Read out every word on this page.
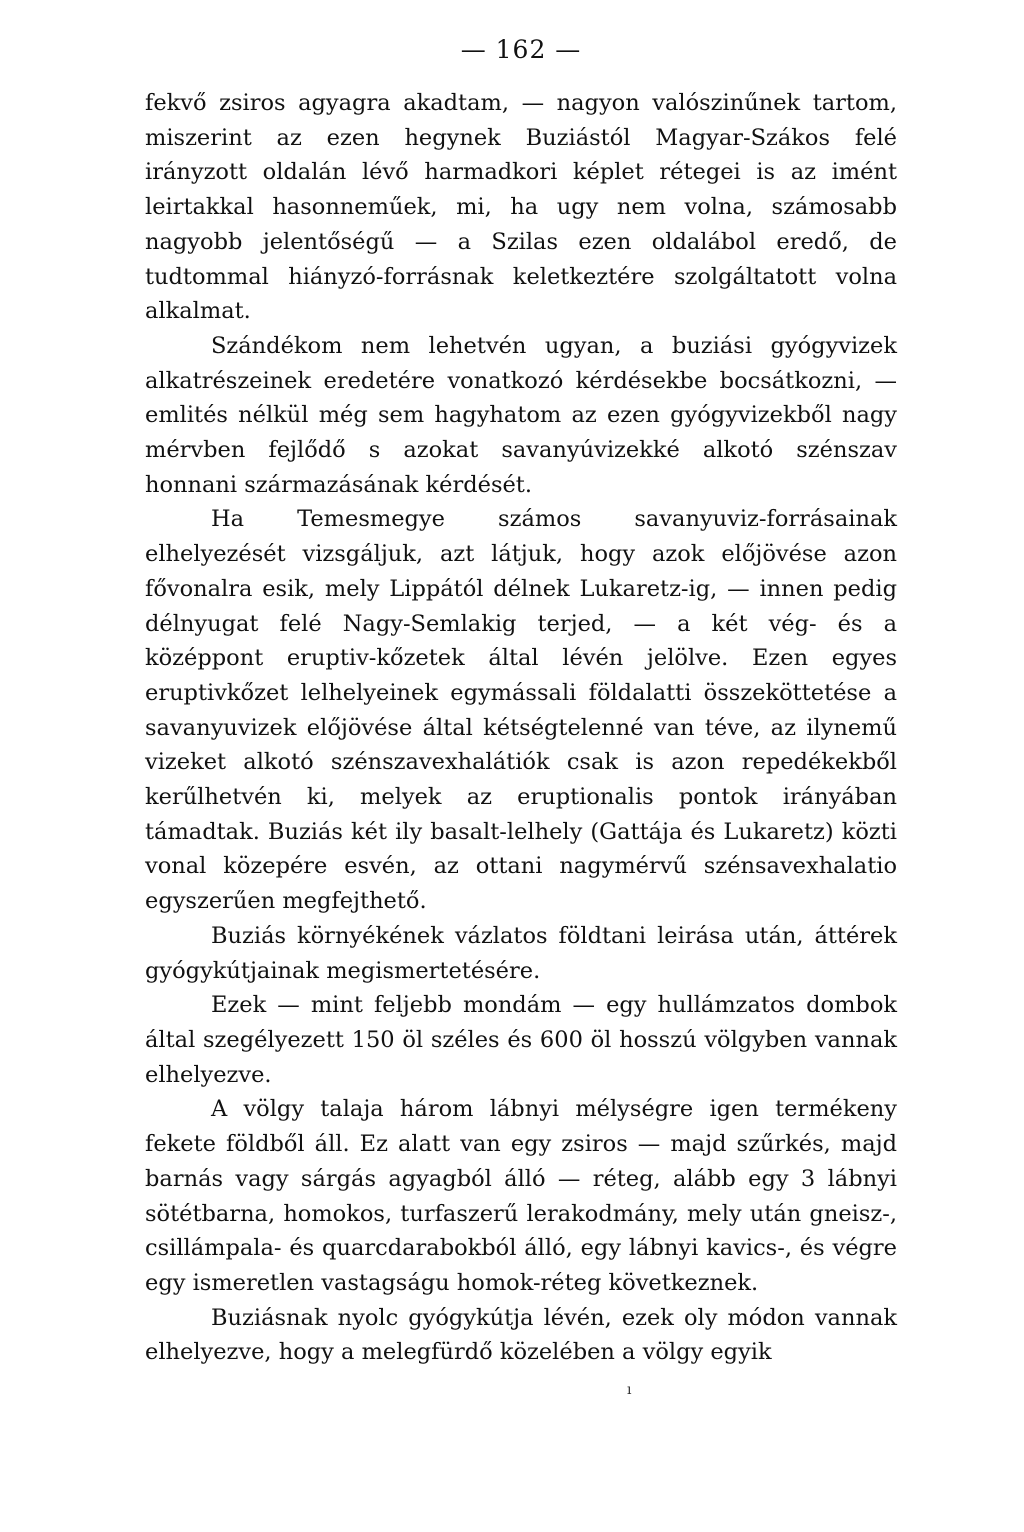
— 162 —

fekvő zsiros agyagra akadtam, — nagyon valószinűnek tartom, miszerint az ezen hegynek Buziástól Magyar-Szákos felé irányzott oldalán lévő harmadkori képlet rétegei is az imént leirtakkal hasonneműek, mi, ha ugy nem volna, számosabb nagyobb jelentőségű — a Szilas ezen oldalábol eredő, de tudtommal hiányzó-forrásnak keletkeztére szolgáltatott volna alkalmat.

Szándékom nem lehetvén ugyan, a buziási gyógyvizek alkatrészeinek eredetére vonatkozó kérdésekbe bocsátkozni, — emlités nélkül még sem hagyhatom az ezen gyógyvizekből nagy mérvben fejlődő s azokat savanyúvizekké alkotó szénszav honnani származásának kérdését.

Ha Temesmegye számos savanyuviz-forrásainak elhelyezését vizsgáljuk, azt látjuk, hogy azok előjövése azon fővonalra esik, mely Lippától délnek Lukaretz-ig, — innen pedig délnyugat felé Nagy-Semlakig terjed, — a két vég- és a középpont eruptiv-kőzetek által lévén jelölve. Ezen egyes eruptivkőzet lelhelyeinek egymássali földalatti összeköttetése a savanyuvizek előjövése által kétségtelenné van téve, az ilynemű vizeket alkotó szénszavexhalátiók csak is azon repedékekből kerűlhetvén ki, melyek az eruptionalis pontok irányában támadtak. Buziás két ily basalt-lelhely (Gattája és Lukaretz) közti vonal közepére esvén, az ottani nagymérvű szénsavexhalatio egyszerűen megfejthető.

Buziás környékének vázlatos földtani leirása után, áttérek gyógykútjainak megismertetésére.

Ezek — mint feljebb mondám — egy hullámzatos dombok által szegélyezett 150 öl széles és 600 öl hosszú völgyben vannak elhelyezve.

A völgy talaja három lábnyi mélységre igen termékeny fekete földből áll. Ez alatt van egy zsiros — majd szűrkés, majd barnás vagy sárgás agyagból álló — réteg, alább egy 3 lábnyi sötétbarna, homokos, turfaszerű lerakodmány, mely után gneisz-, csillámpala- és quarcdarabokból álló, egy lábnyi kavics-, és végre egy ismeretlen vastagságu homok-réteg következnek.

Buziásnak nyolc gyógykútja lévén, ezek oly módon vannak elhelyezve, hogy a melegfürdő közelében a völgy egyik

ı
